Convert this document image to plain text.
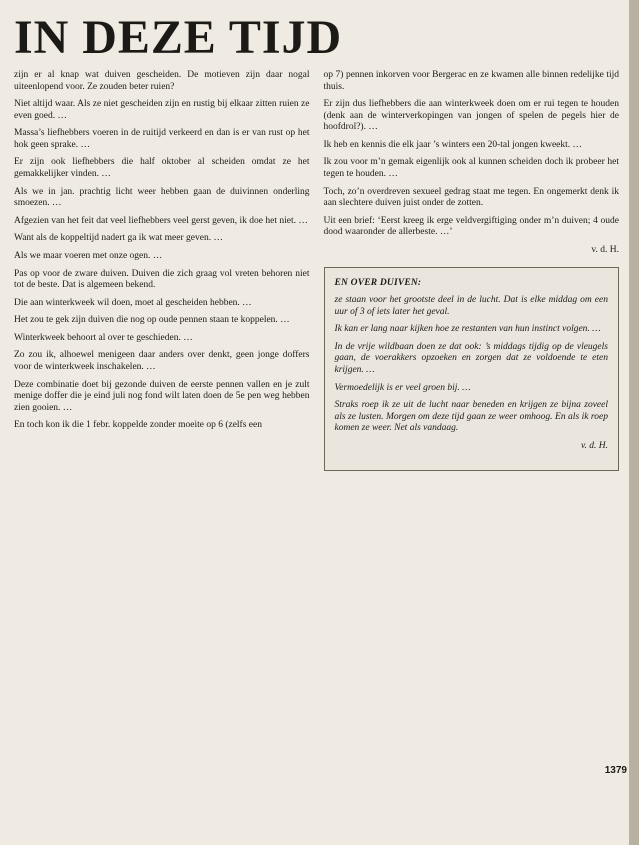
IN DEZE TIJD

zijn er al knap wat duiven gescheiden. De motieven zijn daar nogal uiteenlopend voor. Ze zouden beter ruien?

Niet altijd waar. Als ze niet gescheiden zijn en rustig bij elkaar zitten ruien ze even goed. …

Massa’s liefhebbers voeren in de ruitijd verkeerd en dan is er van rust op het hok geen sprake. …

Er zijn ook liefhebbers die half oktober al scheiden omdat ze het gemakkelijker vinden. …

Als we in jan. prachtig licht weer hebben gaan de duivinnen onderling smoezen. …

Afgezien van het feit dat veel liefhebbers veel gerst geven, ik doe het niet. …

Want als de koppeltijd nadert ga ik wat meer geven. …

Als we maar voeren met onze ogen. …

Pas op voor de zware duiven. Duiven die zich graag vol vreten behoren niet tot de beste. Dat is algemeen bekend.

Die aan winterkweek wil doen, moet al gescheiden hebben. …

Het zou te gek zijn duiven die nog op oude pennen staan te koppelen. …

Winterkweek behoort al over te geschieden. …

Zo zou ik, alhoewel menigeen daar anders over denkt, geen jonge doffers voor de winterkweek inschakelen. …

Deze combinatie doet bij gezonde duiven de eerste pennen vallen en je zult menige doffer die je eind juli nog fond wilt laten doen de 5e pen weg hebben zien gooien. …

En toch kon ik die 1 febr. koppelde zonder moeite op 6 (zelfs een

op 7) pennen inkorven voor Bergerac en ze kwamen alle binnen redelijke tijd thuis.

Er zijn dus liefhebbers die aan winterkweek doen om er rui tegen te houden (denk aan de winterverkopingen van jongen of spelen de pegels hier de hoofdrol?). …

Ik heb en kennis die elk jaar ’s winters een 20-tal jongen kweekt. …

Ik zou voor m’n gemak eigenlijk ook al kunnen scheiden doch ik probeer het tegen te houden. …

Toch, zo’n overdreven sexueel gedrag staat me tegen. En ongemerkt denk ik aan slechtere duiven juist onder de zotten.

Uit een brief: ‘Eerst kreeg ik erge veldvergiftiging onder m’n duiven; 4 oude dood waaronder de allerbeste. …’

v. d. H.
EN OVER DUIVEN:

ze staan voor het grootste deel in de lucht. Dat is elke middag om een uur of 3 of iets later het geval.

Ik kan er lang naar kijken hoe ze restanten van hun instinct volgen. …

In de vrije wildbaan doen ze dat ook: ’s middags tijdig op de vleugels gaan, de voerakkers opzoeken en zorgen dat ze voldoende te eten krijgen. …

Vermoedelijk is er veel groen bij. …

Straks roep ik ze uit de lucht naar beneden en krijgen ze bijna zoveel als ze lusten. Morgen om deze tijd gaan ze weer omhoog. En als ik roep komen ze weer. Net als vandaag.

v. d. H.
1379
